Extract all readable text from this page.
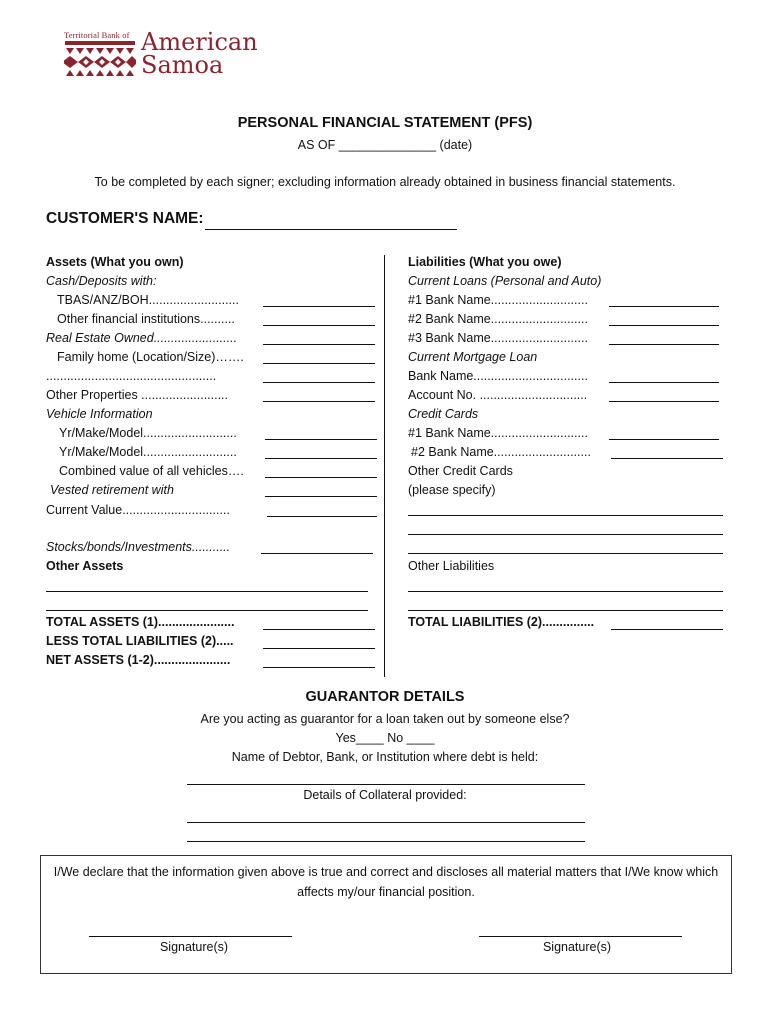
Territorial Bank of American
Samoa
PERSONAL FINANCIAL STATEMENT (PFS)
AS OF ______________ (date)
To be completed by each signer; excluding information already obtained in business financial statements.
CUSTOMER'S NAME:
Assets (What you own)
Cash/Deposits with:
TBAS/ANZ/BOH..........................
Other financial institutions..........
Real Estate Owned........................
Family home (Location/Size)…….
.................................................
Other Properties .........................
Vehicle Information
Yr/Make/Model...........................
Yr/Make/Model...........................
Combined value of all vehicles….
Vested retirement with
Current Value...............................
Stocks/bonds/Investments...........
Other Assets
TOTAL ASSETS (1)......................
LESS TOTAL LIABILITIES (2).....
NET ASSETS (1-2)......................
Liabilities (What you owe)
Current Loans (Personal and Auto)
#1 Bank Name............................
#2 Bank Name............................
#3 Bank Name............................
Current Mortgage Loan
Bank Name.................................
Account No. ...............................
Credit Cards
#1 Bank Name............................
#2 Bank Name............................
Other Credit Cards
(please specify)
Other Liabilities
TOTAL LIABILITIES (2)...............
GUARANTOR DETAILS
Are you acting as guarantor for a loan taken out by someone else?
Yes____ No ____
Name of Debtor, Bank, or Institution where debt is held:
Details of Collateral provided:
I/We declare that the information given above is true and correct and discloses all material matters that I/We know which affects my/our financial position.
Signature(s)	Signature(s)
